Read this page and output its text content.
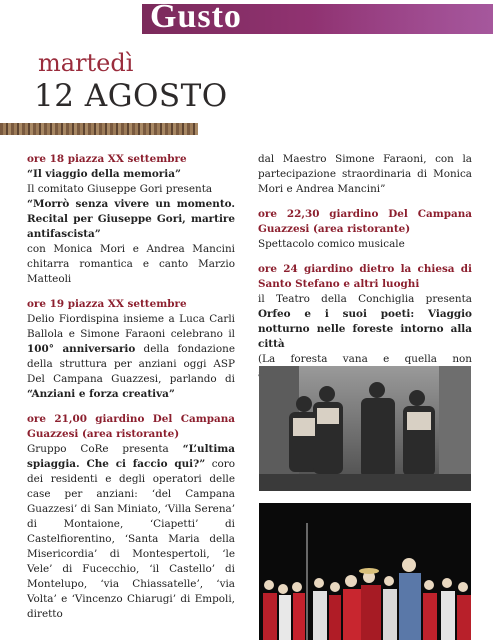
Gusto
martedì
12 AGOSTO

ore 18 piazza XX settembre

“Il viaggio della memoria”

Il comitato Giuseppe Gori presenta

“Morrò senza vivere un momento. Recital per Giuseppe Gori, martire antifascista”

con Monica Mori e Andrea Mancini chitarra romantica e canto Marzio Matteoli

ore 19 piazza XX settembre

Delio Fiordispina insieme a Luca Carli Ballola e Simone Faraoni celebrano il 100° anniversario della fondazione della struttura per anziani oggi ASP Del Campana Guazzesi, parlando di “Anziani e forza creativa”

ore 21,00 giardino Del Campana Guazzesi (area ristorante)

Gruppo CoRe presenta “L’ultima spiaggia. Che ci faccio qui?” coro dei residenti e degli operatori delle case per anziani: ‘del Campana Guazzesi’ di San Miniato, ‘Villa Serena’ di Montaione, ‘Ciapetti’ di Castelfiorentino, ‘Santa Maria della Misericordia’ di Montespertoli, ‘le Vele’ di Fucecchio, ‘il Castello’ di Montelupo, ‘via Chiassatelle’, ‘via Volta’ e ‘Vincenzo Chiarugi’ di Empoli, diretto

dal Maestro Simone Faraoni, con la partecipazione straordinaria di Monica Mori e Andrea Mancini”

ore 22,30 giardino Del Campana Guazzesi (area ristorante)

Spettacolo comico musicale

ore 24 giardino dietro la chiesa di Santo Stefano e altri luoghi

il Teatro della Conchiglia presenta Orfeo e i suoi poeti: Viaggio notturno nelle foreste intorno alla città

(La foresta vana e quella non
